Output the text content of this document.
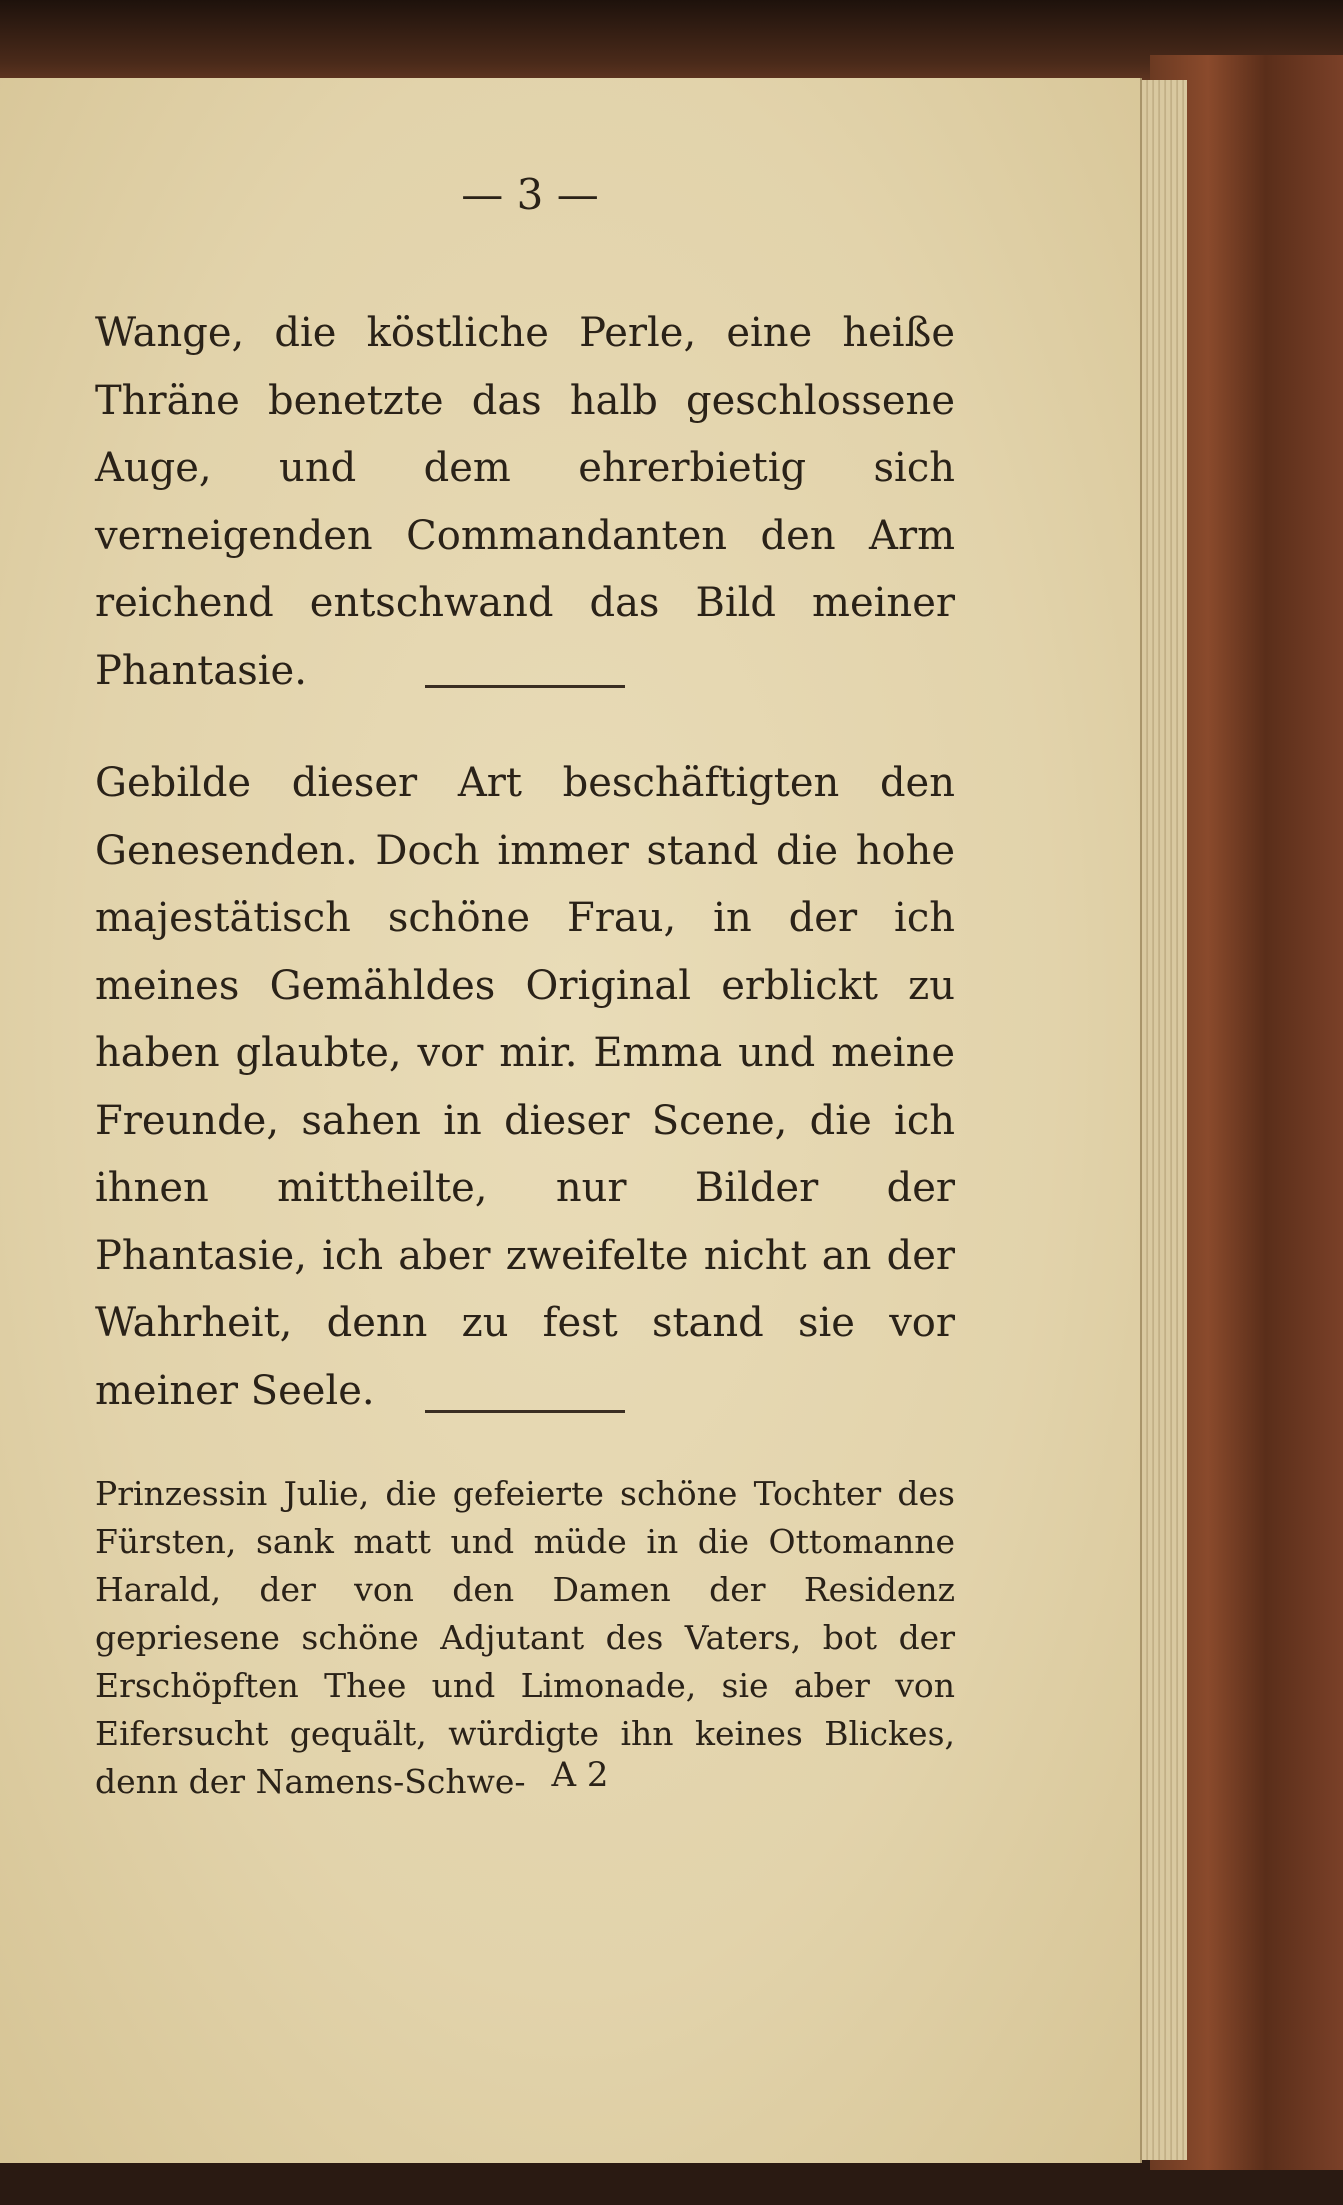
— 3 —

Wange, die köstliche Perle, eine heiße Thräne benetzte das halb geschlossene Auge, und dem ehrerbietig sich verneigenden Commandanten den Arm reichend entschwand das Bild meiner Phantasie.

Gebilde dieser Art beschäftigten den Genesenden. Doch immer stand die hohe majestätisch schöne Frau, in der ich meines Gemähldes Original erblickt zu haben glaubte, vor mir. Emma und meine Freunde, sahen in dieser Scene, die ich ihnen mittheilte, nur Bilder der Phantasie, ich aber zweifelte nicht an der Wahrheit, denn zu fest stand sie vor meiner Seele.

Prinzessin Julie, die gefeierte schöne Tochter des Fürsten, sank matt und müde in die Ottomanne Harald, der von den Damen der Residenz gepriesene schöne Adjutant des Vaters, bot der Erschöpften Thee und Limonade, sie aber von Eifersucht gequält, würdigte ihn keines Blickes, denn der Namens-Schwe- A 2
